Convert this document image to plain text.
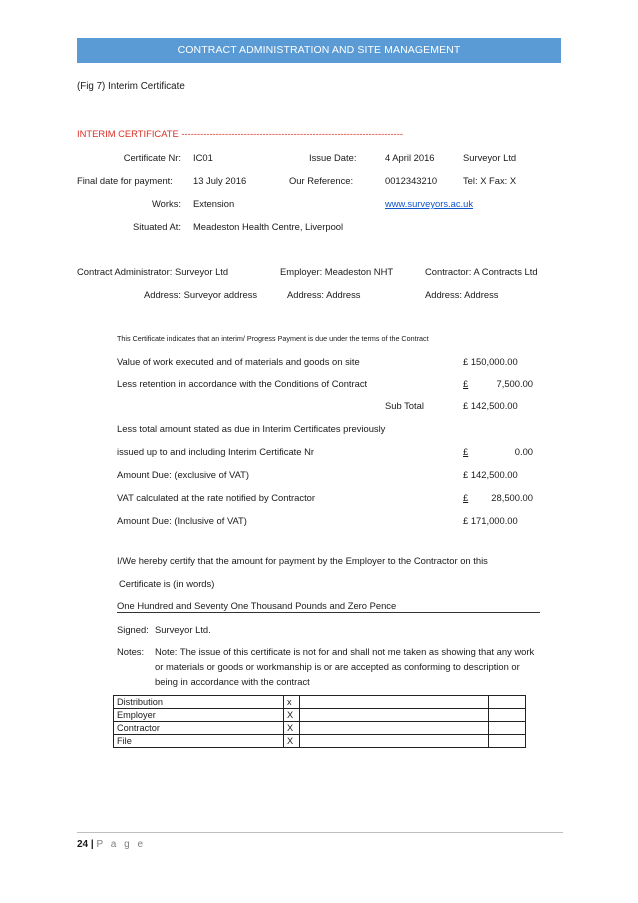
CONTRACT ADMINISTRATION AND SITE MANAGEMENT
(Fig 7) Interim Certificate
INTERIM CERTIFICATE -----------------------------------------------------------------------
Certificate Nr: IC01	Issue Date:	4 April 2016	Surveyor Ltd
Final date for payment: 13 July 2016	Our Reference:	0012343210	Tel: X Fax: X
Works: Extension	www.surveyors.ac.uk
Situated At: Meadeston Health Centre, Liverpool
Contract Administrator: Surveyor Ltd	Employer: Meadeston NHT	Contractor: A Contracts Ltd
Address: Surveyor address	Address: Address	Address: Address
This Certificate indicates that an interim/ Progress Payment is due under the terms of the Contract
Value of work executed and of materials and goods on site	£ 150,000.00
Less retention in accordance with the Conditions of Contract	£	7,500.00
Sub Total	£ 142,500.00
Less total amount stated as due in Interim Certificates previously
issued up to and including Interim Certificate Nr	£	0.00
Amount Due: (exclusive of VAT)	£ 142,500.00
VAT calculated at the rate notified by Contractor	£ 28,500.00
Amount Due: (Inclusive of VAT)	£ 171,000.00
I/We hereby certify that the amount for payment by the Employer to the Contractor on this
Certificate is (in words)
One Hundred and Seventy One Thousand Pounds and Zero Pence
Signed: Surveyor Ltd.
Notes: Note: The issue of this certificate is not for and shall not me taken as showing that any work
or materials or goods or workmanship is or are accepted as conforming to description or
being in accordance with the contract
Distribution	x		
Employer	X		
Contractor	X		
File	X		
24 | P a g e
